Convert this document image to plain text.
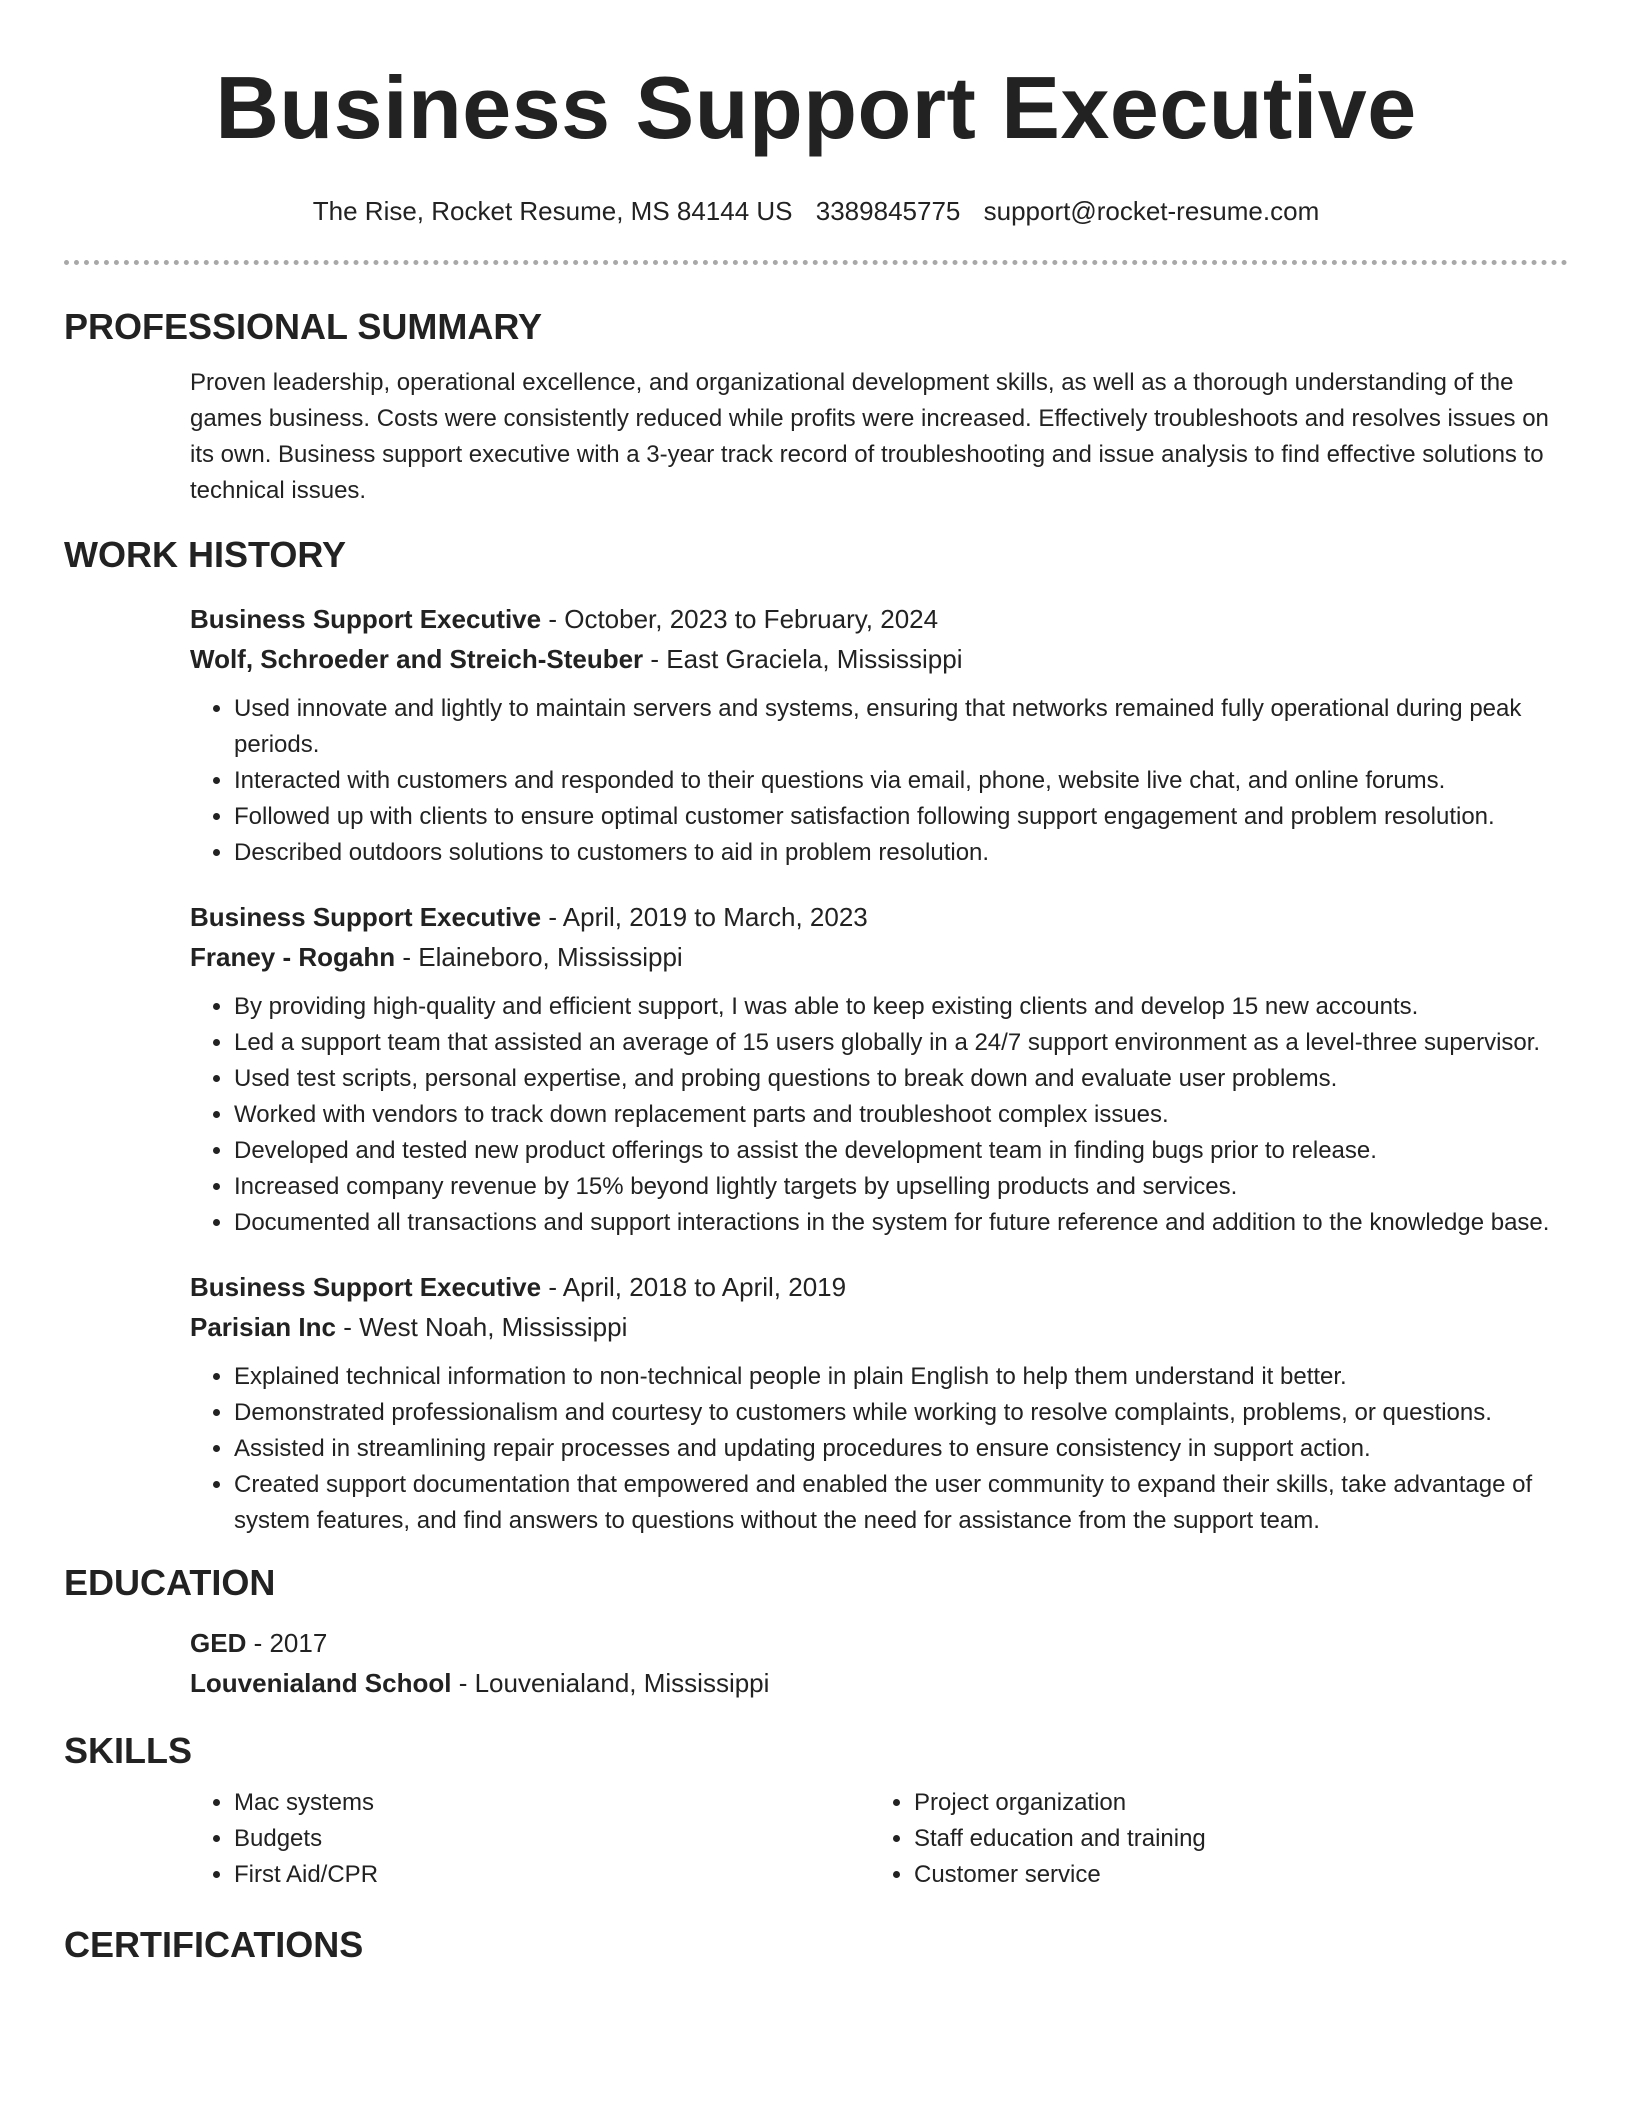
Business Support Executive
The Rise, Rocket Resume, MS 84144 US 3389845775 support@rocket-resume.com
PROFESSIONAL SUMMARY

Proven leadership, operational excellence, and organizational development skills, as well as a thorough understanding of the games business. Costs were consistently reduced while profits were increased. Effectively troubleshoots and resolves issues on its own. Business support executive with a 3-year track record of troubleshooting and issue analysis to find effective solutions to technical issues.

WORK HISTORY
Business Support Executive - October, 2023 to February, 2024
Wolf, Schroeder and Streich-Steuber - East Graciela, Mississippi
• Used innovate and lightly to maintain servers and systems, ensuring that networks remained fully operational during peak periods.
• Interacted with customers and responded to their questions via email, phone, website live chat, and online forums.
• Followed up with clients to ensure optimal customer satisfaction following support engagement and problem resolution.
• Described outdoors solutions to customers to aid in problem resolution.
Business Support Executive - April, 2019 to March, 2023
Franey - Rogahn - Elaineboro, Mississippi
• By providing high-quality and efficient support, I was able to keep existing clients and develop 15 new accounts.
• Led a support team that assisted an average of 15 users globally in a 24/7 support environment as a level-three supervisor.
• Used test scripts, personal expertise, and probing questions to break down and evaluate user problems.
• Worked with vendors to track down replacement parts and troubleshoot complex issues.
• Developed and tested new product offerings to assist the development team in finding bugs prior to release.
• Increased company revenue by 15% beyond lightly targets by upselling products and services.
• Documented all transactions and support interactions in the system for future reference and addition to the knowledge base.
Business Support Executive - April, 2018 to April, 2019
Parisian Inc - West Noah, Mississippi
• Explained technical information to non-technical people in plain English to help them understand it better.
• Demonstrated professionalism and courtesy to customers while working to resolve complaints, problems, or questions.
• Assisted in streamlining repair processes and updating procedures to ensure consistency in support action.
• Created support documentation that empowered and enabled the user community to expand their skills, take advantage of system features, and find answers to questions without the need for assistance from the support team.
EDUCATION
GED - 2017
Louvenialand School - Louvenialand, Mississippi
SKILLS
• Mac systems
• Budgets
• First Aid/CPR
• Project organization
• Staff education and training
• Customer service
CERTIFICATIONS
